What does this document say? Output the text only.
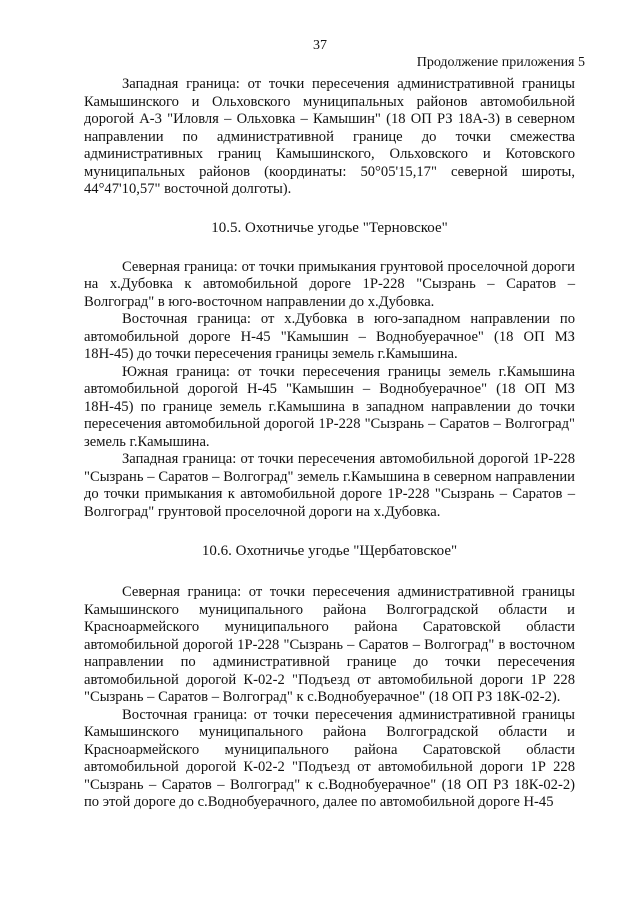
37
Продолжение приложения 5

Западная граница: от точки пересечения административной границы Камышинского и Ольховского муниципальных районов автомобильной дорогой А-3 "Иловля – Ольховка – Камышин" (18 ОП РЗ 18А-3) в северном направлении по административной границе до точки смежества административных границ Камышинского, Ольховского и Котовского муниципальных районов (координаты: 50°05'15,17" северной широты, 44°47'10,57" восточной долготы).

10.5. Охотничье угодье "Терновское"

Северная граница: от точки примыкания грунтовой проселочной дороги на х.Дубовка к автомобильной дороге 1Р-228 "Сызрань – Саратов – Волгоград" в юго-восточном направлении до х.Дубовка.

Восточная граница: от х.Дубовка в юго-западном направлении по автомобильной дороге Н-45 "Камышин – Воднобуерачное" (18 ОП МЗ 18Н-45) до точки пересечения границы земель г.Камышина.

Южная граница: от точки пересечения границы земель г.Камышина автомобильной дорогой Н-45 "Камышин – Воднобуерачное" (18 ОП МЗ 18Н-45) по границе земель г.Камышина в западном направлении до точки пересечения автомобильной дорогой 1Р-228 "Сызрань – Саратов – Волгоград" земель г.Камышина.

Западная граница: от точки пересечения автомобильной дорогой 1Р-228 "Сызрань – Саратов – Волгоград" земель г.Камышина в северном направлении до точки примыкания к автомобильной дороге 1Р-228 "Сызрань – Саратов – Волгоград" грунтовой проселочной дороги на х.Дубовка.

10.6. Охотничье угодье "Щербатовское"

Северная граница: от точки пересечения административной границы Камышинского муниципального района Волгоградской области и Красноармейского муниципального района Саратовской области автомобильной дорогой 1Р-228 "Сызрань – Саратов – Волгоград" в восточном направлении по административной границе до точки пересечения автомобильной дорогой К-02-2 "Подъезд от автомобильной дороги 1Р 228 "Сызрань – Саратов – Волгоград" к с.Воднобуерачное" (18 ОП РЗ 18К-02-2).

Восточная граница: от точки пересечения административной границы Камышинского муниципального района Волгоградской области и Красноармейского муниципального района Саратовской области автомобильной дорогой К-02-2 "Подъезд от автомобильной дороги 1Р 228 "Сызрань – Саратов – Волгоград" к с.Воднобуерачное" (18 ОП РЗ 18К-02-2) по этой дороге до с.Воднобуерачного, далее по автомобильной дороге Н-45
